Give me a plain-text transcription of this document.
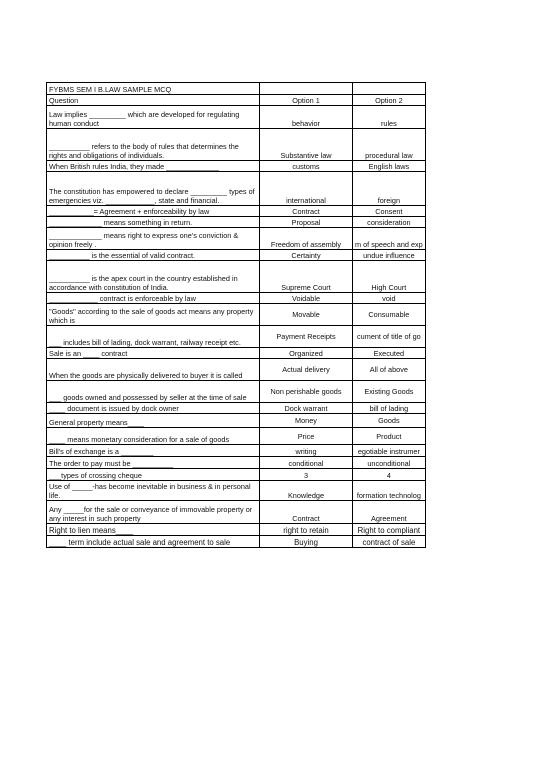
FYBMS SEM I B.LAW SAMPLE MCQ		
Question	Option 1	Option 2
Law implies _________ which are developed for regulating human conduct	behavior	rules
__________ refers to the body of rules that determines the rights and obligations of individuals.	Substantive law	procedural law
When British rules India, they made _____________	customs	English laws
The constitution has empowered to declare _________ types of emergencies viz. ____________, state and financial.	international	foreign
___________= Agreement + enforceability by law	Contract	Consent
_____________ means something in return.	Proposal	consideration
_____________ means right to express one's conviction & opinion freely .	Freedom of assembly	m of speech and exp
__________ is the essential of valid contract.	Certainty	undue influence
__________ is the apex court in the country established in accordance with constitution of India.	Supreme Court	High Court
____________ contract is enforceable by law	Voidable	void
"Goods" according to the sale of goods act means any property which is	Movable	Consumable
___ includes bill of lading, dock warrant, railway receipt etc.	Payment Receipts	cument of title of go
Sale is an ____ contract	Organized	Executed
When the goods are physically delivered to buyer it is called	Actual delivery	All of above
___ goods owned and possessed by seller at the time of sale	Non perishable goods	Existing Goods
____ document is issued by dock owner	Dock warrant	bill of lading
General property means____	Money	Goods
____ means monetary consideration for a sale of goods	Price	Product
Bill's of exchange is a ________	writing	egotiable instrumer
The order to pay must be __________	conditional	unconditional
___types of crossing cheque	3	4
Use of _____-has become inevitable in business & in personal life.	Knowledge	formation technolog
Any _____for the sale or conveyance of immovable property or any interest in such property	Contract	Agreement
Right to lien means____	right to retain	Right to compliant
____ term include actual sale and agreement to sale	Buying	contract of sale
